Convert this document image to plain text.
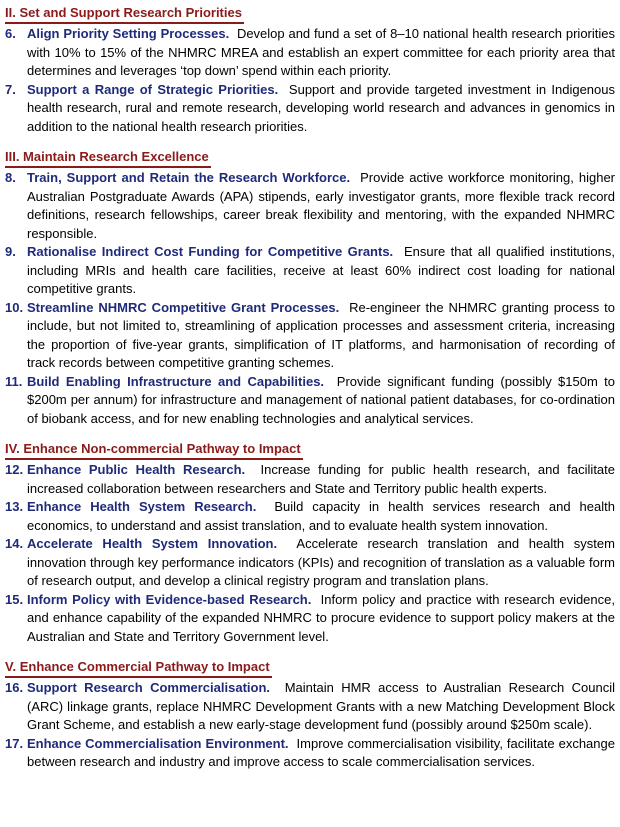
II. Set and Support Research Priorities
6. Align Priority Setting Processes. Develop and fund a set of 8–10 national health research priorities with 10% to 15% of the NHMRC MREA and establish an expert committee for each priority area that determines and leverages ‘top down’ spend within each priority.
7. Support a Range of Strategic Priorities. Support and provide targeted investment in Indigenous health research, rural and remote research, developing world research and advances in genomics in addition to the national health research priorities.
III. Maintain Research Excellence
8. Train, Support and Retain the Research Workforce. Provide active workforce monitoring, higher Australian Postgraduate Awards (APA) stipends, early investigator grants, more flexible track record definitions, research fellowships, career break flexibility and mentoring, with the expanded NHMRC responsible.
9. Rationalise Indirect Cost Funding for Competitive Grants. Ensure that all qualified institutions, including MRIs and health care facilities, receive at least 60% indirect cost loading for national competitive grants.
10. Streamline NHMRC Competitive Grant Processes. Re-engineer the NHMRC granting process to include, but not limited to, streamlining of application processes and assessment criteria, increasing the proportion of five-year grants, simplification of IT platforms, and harmonisation of recording of track records between competitive granting schemes.
11. Build Enabling Infrastructure and Capabilities. Provide significant funding (possibly $150m to $200m per annum) for infrastructure and management of national patient databases, for co-ordination of biobank access, and for new enabling technologies and analytical services.
IV. Enhance Non-commercial Pathway to Impact
12. Enhance Public Health Research. Increase funding for public health research, and facilitate increased collaboration between researchers and State and Territory public health experts.
13. Enhance Health System Research. Build capacity in health services research and health economics, to understand and assist translation, and to evaluate health system innovation.
14. Accelerate Health System Innovation. Accelerate research translation and health system innovation through key performance indicators (KPIs) and recognition of translation as a valuable form of research output, and develop a clinical registry program and translation plans.
15. Inform Policy with Evidence-based Research. Inform policy and practice with research evidence, and enhance capability of the expanded NHMRC to procure evidence to support policy makers at the Australian and State and Territory Government level.
V. Enhance Commercial Pathway to Impact
16. Support Research Commercialisation. Maintain HMR access to Australian Research Council (ARC) linkage grants, replace NHMRC Development Grants with a new Matching Development Block Grant Scheme, and establish a new early-stage development fund (possibly around $250m scale).
17. Enhance Commercialisation Environment. Improve commercialisation visibility, facilitate exchange between research and industry and improve access to scale commercialisation services.
